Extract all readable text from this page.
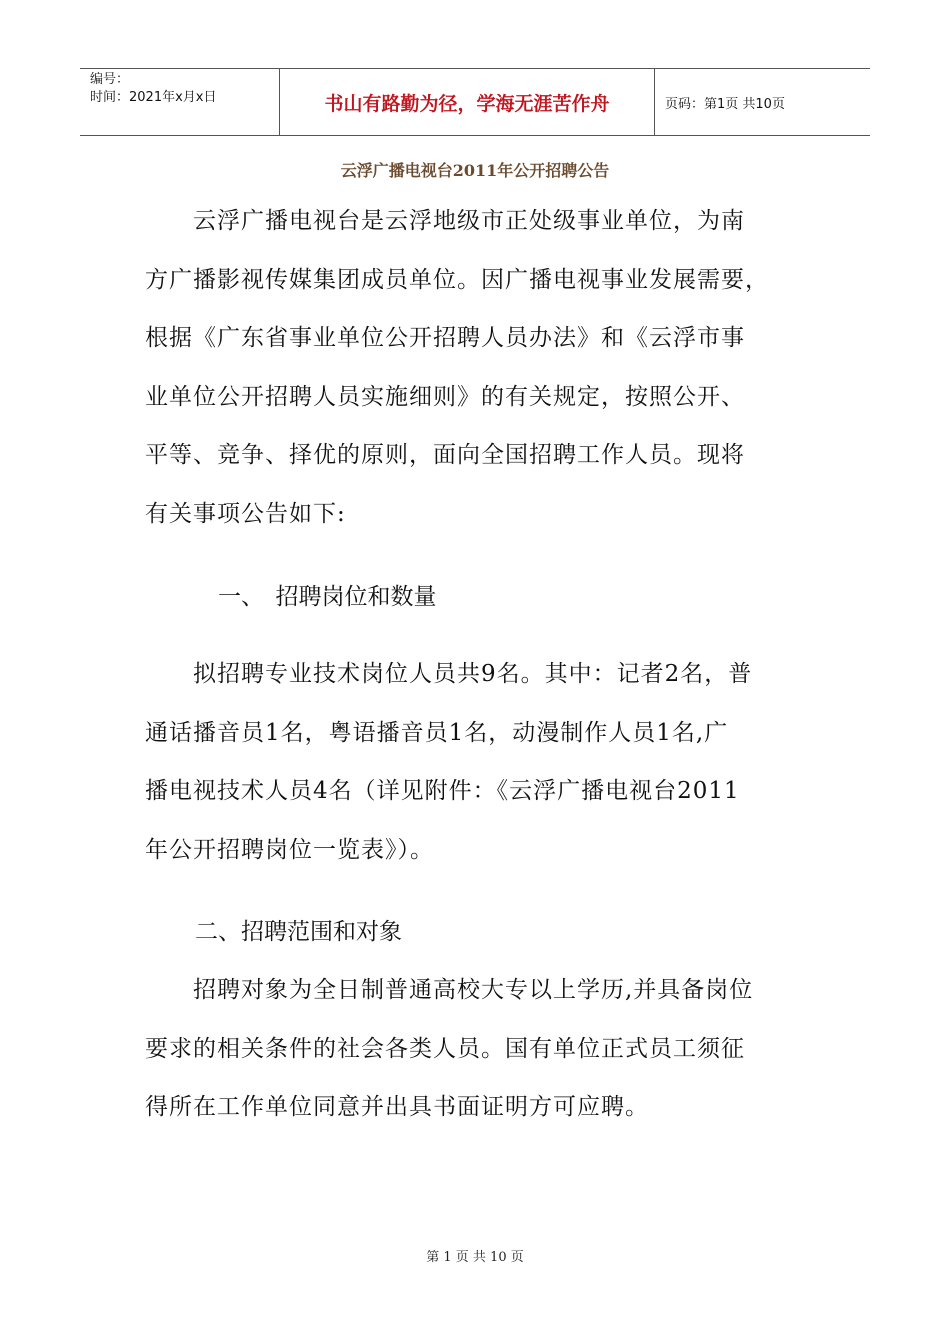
编号：
时间：2021年x月x日	书山有路勤为径，学海无涯苦作舟	页码：第1页 共10页
云浮广播电视台2011年公开招聘公告
　　云浮广播电视台是云浮地级市正处级事业单位，为南
方广播影视传媒集团成员单位。因广播电视事业发展需要，
根据《广东省事业单位公开招聘人员办法》和《云浮市事
业单位公开招聘人员实施细则》的有关规定，按照公开、
平等、竞争、择优的原则，面向全国招聘工作人员。现将
有关事项公告如下:
一、　招聘岗位和数量
　　拟招聘专业技术岗位人员共9名。其中：记者2名，普
通话播音员1名，粤语播音员1名，动漫制作人员1名,广
播电视技术人员4名（详见附件：《云浮广播电视台2011
年公开招聘岗位一览表》）。
二、招聘范围和对象
　　招聘对象为全日制普通高校大专以上学历,并具备岗位
要求的相关条件的社会各类人员。国有单位正式员工须征
得所在工作单位同意并出具书面证明方可应聘。
第 1 页 共 10 页
